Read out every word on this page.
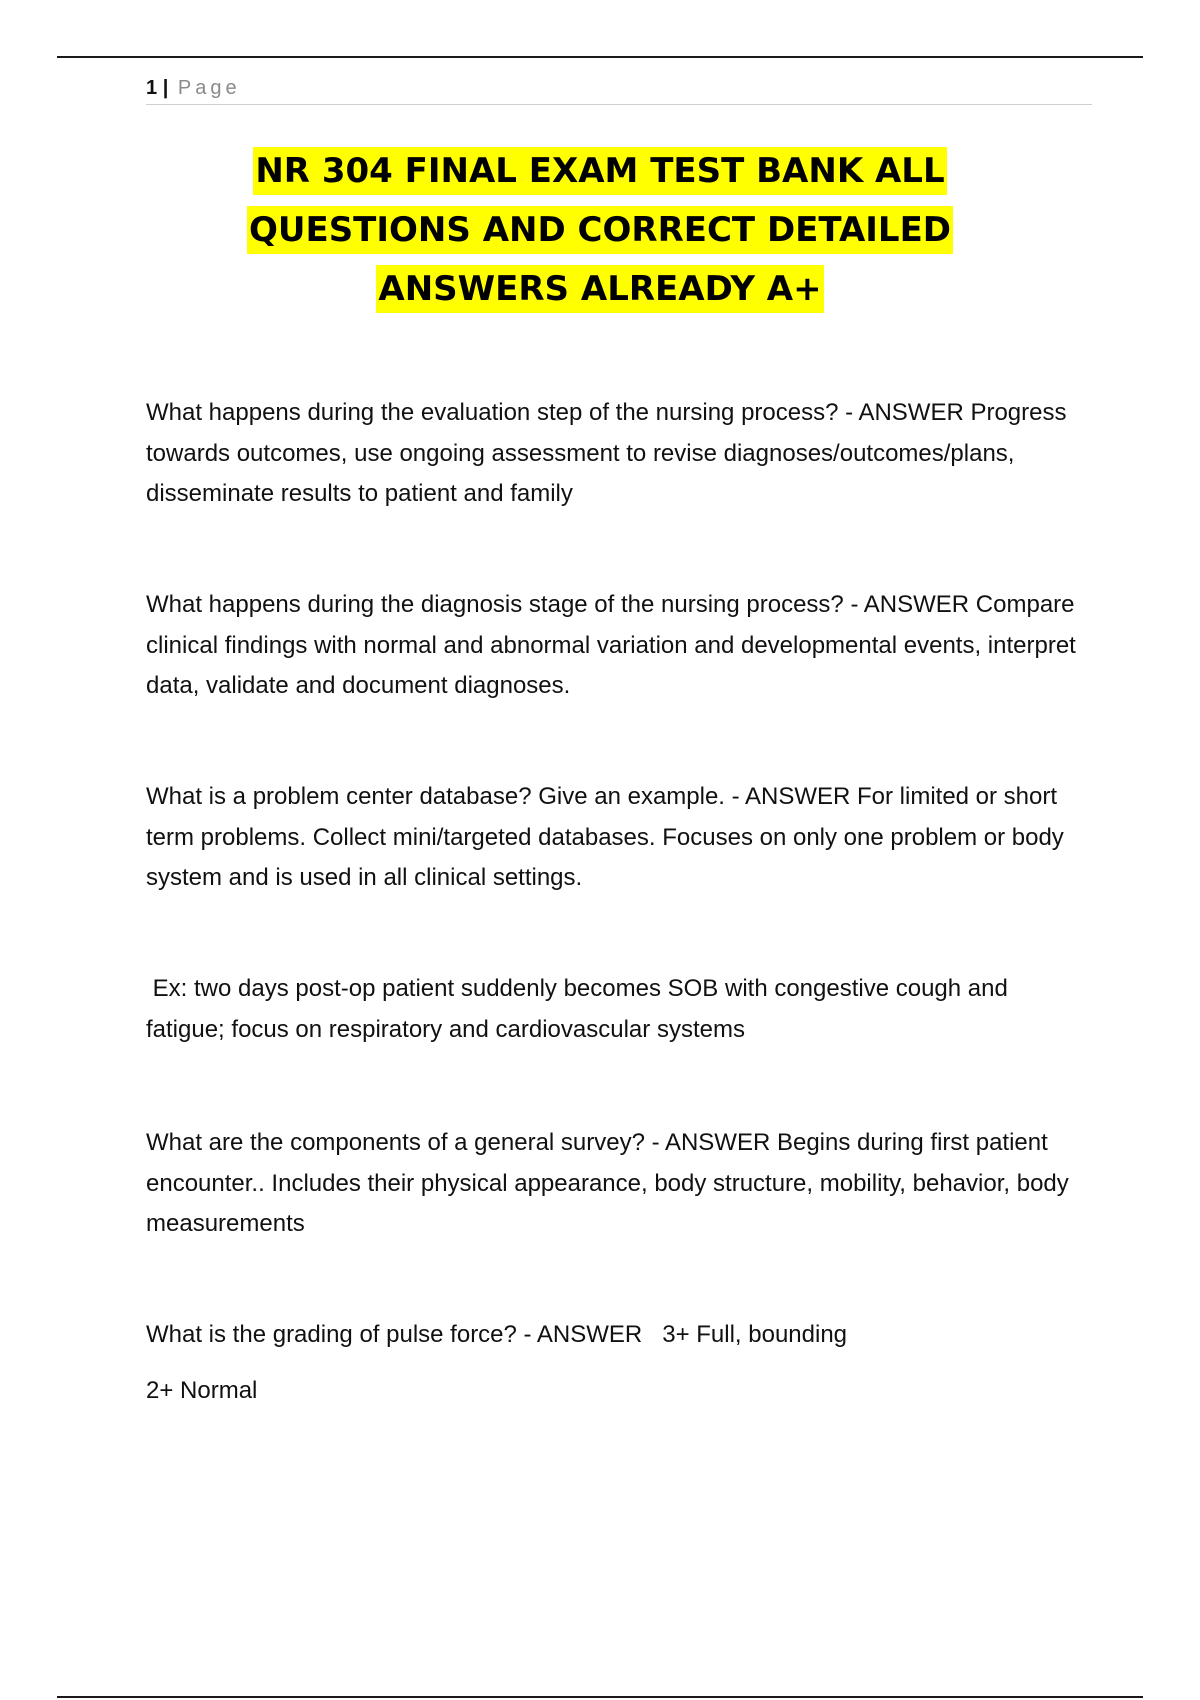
1 | Page
NR 304 FINAL EXAM TEST BANK ALL
QUESTIONS AND CORRECT DETAILED
ANSWERS ALREADY A+

What happens during the evaluation step of the nursing process? - ANSWER Progress towards outcomes, use ongoing assessment to revise diagnoses/outcomes/plans, disseminate results to patient and family

What happens during the diagnosis stage of the nursing process? - ANSWER Compare clinical findings with normal and abnormal variation and developmental events, interpret data, validate and document diagnoses.

What is a problem center database? Give an example. - ANSWER For limited or short term problems. Collect mini/targeted databases. Focuses on only one problem or body system and is used in all clinical settings.

Ex: two days post-op patient suddenly becomes SOB with congestive cough and fatigue; focus on respiratory and cardiovascular systems

What are the components of a general survey? - ANSWER Begins during first patient encounter.. Includes their physical appearance, body structure, mobility, behavior, body measurements

What is the grading of pulse force? - ANSWER   3+ Full, bounding

2+ Normal
